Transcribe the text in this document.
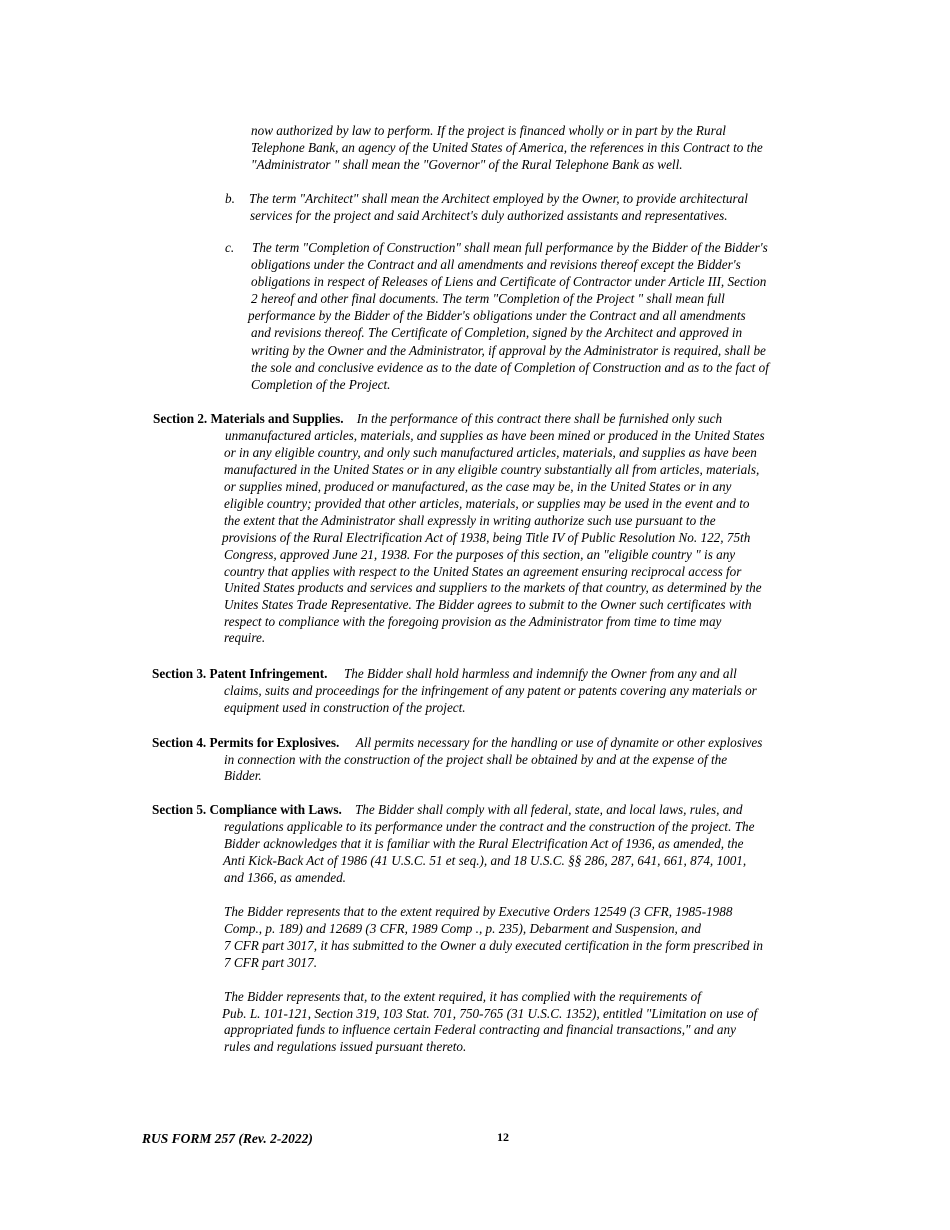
now authorized by law to perform. If the project is financed wholly or in part by the Rural
Telephone Bank, an agency of the United States of America, the references in this Contract to the
"Administrator " shall mean the "Governor" of the Rural Telephone Bank as well.
b. The term "Architect" shall mean the Architect employed by the Owner, to provide architectural
services for the project and said Architect's duly authorized assistants and representatives.
c. The term "Completion of Construction" shall mean full performance by the Bidder of the Bidder's
obligations under the Contract and all amendments and revisions thereof except the Bidder's
obligations in respect of Releases of Liens and Certificate of Contractor under Article III, Section
2 hereof and other final documents. The term "Completion of the Project " shall mean full
performance by the Bidder of the Bidder's obligations under the Contract and all amendments
and revisions thereof. The Certificate of Completion, signed by the Architect and approved in
writing by the Owner and the Administrator, if approval by the Administrator is required, shall be
the sole and conclusive evidence as to the date of Completion of Construction and as to the fact of
Completion of the Project.
Section 2. Materials and Supplies. In the performance of this contract there shall be furnished only such
unmanufactured articles, materials, and supplies as have been mined or produced in the United States
or in any eligible country, and only such manufactured articles, materials, and supplies as have been
manufactured in the United States or in any eligible country substantially all from articles, materials,
or supplies mined, produced or manufactured, as the case may be, in the United States or in any
eligible country; provided that other articles, materials, or supplies may be used in the event and to
the extent that the Administrator shall expressly in writing authorize such use pursuant to the
provisions of the Rural Electrification Act of 1938, being Title IV of Public Resolution No. 122, 75th
Congress, approved June 21, 1938. For the purposes of this section, an "eligible country " is any
country that applies with respect to the United States an agreement ensuring reciprocal access for
United States products and services and suppliers to the markets of that country, as determined by the
Unites States Trade Representative. The Bidder agrees to submit to the Owner such certificates with
respect to compliance with the foregoing provision as the Administrator from time to time may
require.
Section 3. Patent Infringement. The Bidder shall hold harmless and indemnify the Owner from any and all
claims, suits and proceedings for the infringement of any patent or patents covering any materials or
equipment used in construction of the project.
Section 4. Permits for Explosives. All permits necessary for the handling or use of dynamite or other explosives
in connection with the construction of the project shall be obtained by and at the expense of the
Bidder.
Section 5. Compliance with Laws. The Bidder shall comply with all federal, state, and local laws, rules, and
regulations applicable to its performance under the contract and the construction of the project. The
Bidder acknowledges that it is familiar with the Rural Electrification Act of 1936, as amended, the
Anti Kick-Back Act of 1986 (41 U.S.C. 51 et seq.), and 18 U.S.C. §§ 286, 287, 641, 661, 874, 1001,
and 1366, as amended.
The Bidder represents that to the extent required by Executive Orders 12549 (3 CFR, 1985-1988
Comp., p. 189) and 12689 (3 CFR, 1989 Comp ., p. 235), Debarment and Suspension, and
7 CFR part 3017, it has submitted to the Owner a duly executed certification in the form prescribed in
7 CFR part 3017.
The Bidder represents that, to the extent required, it has complied with the requirements of
Pub. L. 101-121, Section 319, 103 Stat. 701, 750-765 (31 U.S.C. 1352), entitled "Limitation on use of
appropriated funds to influence certain Federal contracting and financial transactions," and any
rules and regulations issued pursuant thereto.
RUS FORM 257 (Rev. 2-2022)	12
